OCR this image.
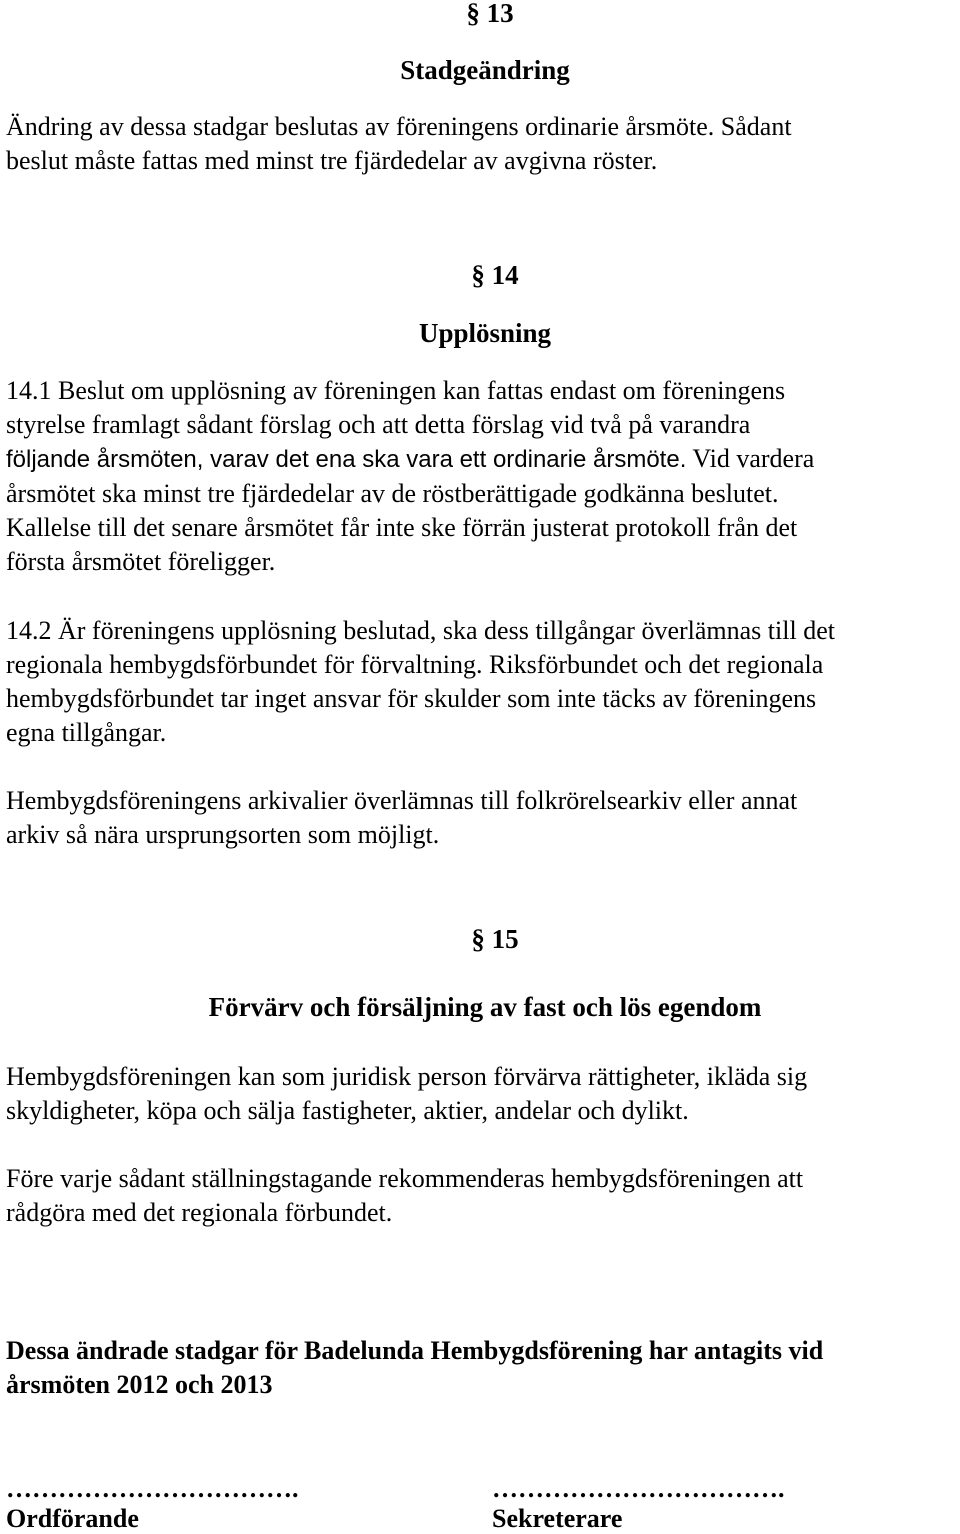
§ 13
Stadgeändring
Ändring av dessa stadgar beslutas av föreningens ordinarie årsmöte. Sådant
beslut måste fattas med minst tre fjärdedelar av avgivna röster.
§ 14
Upplösning
14.1 Beslut om upplösning av föreningen kan fattas endast om föreningens
styrelse framlagt sådant förslag och att detta förslag vid två på varandra
följande årsmöten, varav det ena ska vara ett ordinarie årsmöte. Vid vardera
årsmötet ska minst tre fjärdedelar av de röstberättigade godkänna beslutet.
Kallelse till det senare årsmötet får inte ske förrän justerat protokoll från det
första årsmötet föreligger.
14.2 Är föreningens upplösning beslutad, ska dess tillgångar överlämnas till det
regionala hembygdsförbundet för förvaltning. Riksförbundet och det regionala
hembygdsförbundet tar inget ansvar för skulder som inte täcks av föreningens
egna tillgångar.
Hembygdsföreningens arkivalier överlämnas till folkrörelsearkiv eller annat
arkiv så nära ursprungsorten som möjligt.
§ 15
Förvärv och försäljning av fast och lös egendom
Hembygdsföreningen kan som juridisk person förvärva rättigheter, ikläda sig
skyldigheter, köpa och sälja fastigheter, aktier, andelar och dylikt.
Före varje sådant ställningstagande rekommenderas hembygdsföreningen att
rådgöra med det regionala förbundet.
Dessa ändrade stadgar för Badelunda Hembygdsförening har antagits vid
årsmöten 2012 och 2013
…………………………….
Ordförande
…………………………….
Sekreterare
